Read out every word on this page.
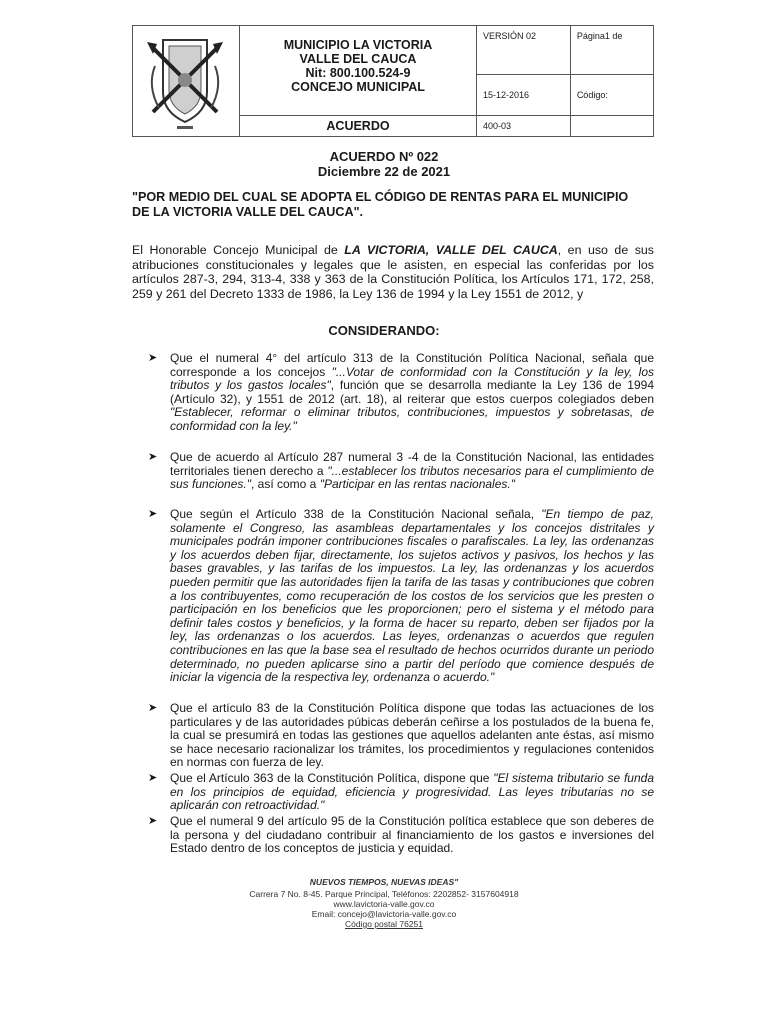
MUNICIPIO LA VICTORIA
VALLE DEL CAUCA
Nit: 800.100.524-9
CONCEJO MUNICIPAL	VERSIÓN 02	Página1 de
		15-12-2016	Código:
	ACUERDO	400-03	
ACUERDO Nº 022
Diciembre 22 de 2021
"POR MEDIO DEL CUAL SE ADOPTA EL CÓDIGO DE RENTAS PARA EL MUNICIPIO
DE LA VICTORIA VALLE DEL CAUCA".
El Honorable Concejo Municipal de LA VICTORIA, VALLE DEL CAUCA, en uso de sus atribuciones constitucionales y legales que le asisten, en especial las conferidas por los artículos 287-3, 294, 313-4, 338 y 363 de la Constitución Política, los Artículos 171, 172, 258, 259 y 261 del Decreto 1333 de 1986, la Ley 136 de 1994 y la Ley 1551 de 2012, y
CONSIDERANDO:
➤ Que el numeral 4° del artículo 313 de la Constitución Política Nacional, señala que corresponde a los concejos "...Votar de conformidad con la Constitución y la ley, los tributos y los gastos locales", función que se desarrolla mediante la Ley 136 de 1994 (Artículo 32), y 1551 de 2012 (art. 18), al reiterar que estos cuerpos colegiados deben "Establecer, reformar o eliminar tributos, contribuciones, impuestos y sobretasas, de conformidad con la ley."
➤ Que de acuerdo al Artículo 287 numeral 3 -4 de la Constitución Nacional, las entidades territoriales tienen derecho a "...establecer los tributos necesarios para el cumplimiento de sus funciones.", así como a "Participar en las rentas nacionales."
➤ Que según el Artículo 338 de la Constitución Nacional señala, "En tiempo de paz, solamente el Congreso, las asambleas departamentales y los concejos distritales y municipales podrán imponer contribuciones fiscales o parafiscales. La ley, las ordenanzas y los acuerdos deben fijar, directamente, los sujetos activos y pasivos, los hechos y las bases gravables, y las tarifas de los impuestos. La ley, las ordenanzas y los acuerdos pueden permitir que las autoridades fijen la tarifa de las tasas y contribuciones que cobren a los contribuyentes, como recuperación de los costos de los servicios que les presten o participación en los beneficios que les proporcionen; pero el sistema y el método para definir tales costos y beneficios, y la forma de hacer su reparto, deben ser fijados por la ley, las ordenanzas o los acuerdos. Las leyes, ordenanzas o acuerdos que regulen contribuciones en las que la base sea el resultado de hechos ocurridos durante un periodo determinado, no pueden aplicarse sino a partir del período que comience después de iniciar la vigencia de la respectiva ley, ordenanza o acuerdo."
➤ Que el artículo 83 de la Constitución Política dispone que todas las actuaciones de los particulares y de las autoridades púbicas deberán ceñirse a los postulados de la buena fe, la cual se presumirá en todas las gestiones que aquellos adelanten ante éstas, así mismo se hace necesario racionalizar los trámites, los procedimientos y regulaciones contenidos en normas con fuerza de ley.
➤ Que el Artículo 363 de la Constitución Política, dispone que "El sistema tributario se funda en los principios de equidad, eficiencia y progresividad. Las leyes tributarias no se aplicarán con retroactividad."
➤ Que el numeral 9 del artículo 95 de la Constitución política establece que son deberes de la persona y del ciudadano contribuir al financiamiento de los gastos e inversiones del Estado dentro de los conceptos de justicia y equidad.
NUEVOS TIEMPOS, NUEVAS IDEAS"
Carrera 7 No. 8-45. Parque Principal, Teléfonos: 2202852- 3157604918
www.lavictoria-valle.gov.co
Email: concejo@lavictoria-valle.gov.co
Código postal 76251
